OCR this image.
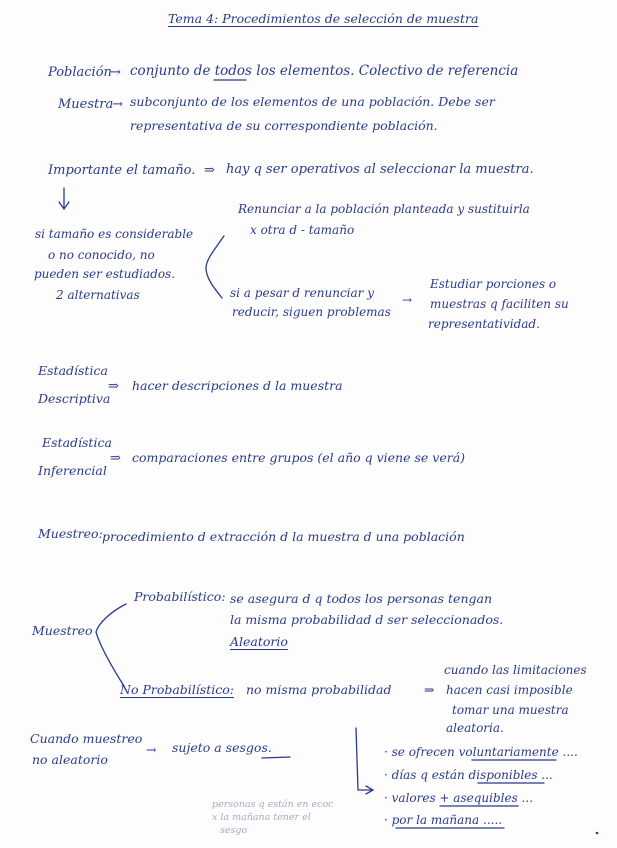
Tema 4: Procedimientos de selección de muestra
Población
→ conjunto de todos los elementos. Colectivo de referencia
Muestra
→ subconjunto de los elementos de una población. Debe ser
representativa de su correspondiente población.
Importante el tamaño. ⇒ hay q ser operativos al seleccionar la muestra.
si tamaño es considerable
o no conocido, no
pueden ser estudiados.
2 alternativas
Renunciar a la población planteada y sustituirla
x otra d - tamaño
si a pesar d renunciar y
reducir, siguen problemas
→
Estudiar porciones o
muestras q faciliten su
representatividad.
Estadística
Descriptiva
⇒ hacer descripciones d la muestra
Estadística
Inferencial
⇒ comparaciones entre grupos (el año q viene se verá)
Muestreo: procedimiento d extracción d la muestra d una población
Muestreo
Probabilístico: se asegura d q todos los personas tengan
la misma probabilidad d ser seleccionados.
Aleatorio
No Probabilístico: no misma probabilidad	⇒
cuando las limitaciones
hacen casi imposible
tomar una muestra
aleatoria.
Cuando muestreo
no aleatorio
→ sujeto a sesgos.	· se ofrecen voluntariamente ....
· días q están disponibles ...
· valores + asequibles ...
· por la mañana .....
personas q están en ecoc
x la mañana tener el
sesgo
